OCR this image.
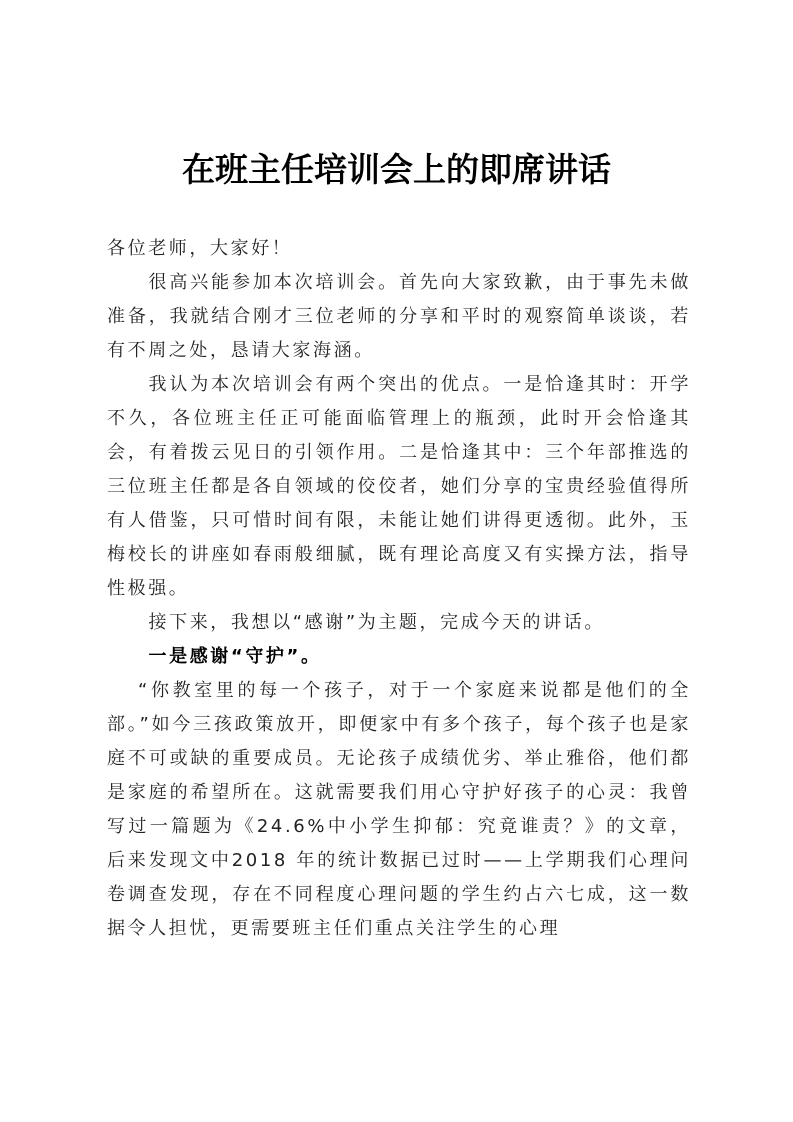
在班主任培训会上的即席讲话

各位老师，大家好！

很高兴能参加本次培训会。首先向大家致歉，由于事先未做准备，我就结合刚才三位老师的分享和平时的观察简单谈谈，若有不周之处，恳请大家海涵。

我认为本次培训会有两个突出的优点。一是恰逢其时：开学不久，各位班主任正可能面临管理上的瓶颈，此时开会恰逢其会，有着拨云见日的引领作用。二是恰逢其中：三个年部推选的三位班主任都是各自领域的佼佼者，她们分享的宝贵经验值得所有人借鉴，只可惜时间有限，未能让她们讲得更透彻。此外，玉梅校长的讲座如春雨般细腻，既有理论高度又有实操方法，指导性极强。

接下来，我想以“感谢”为主题，完成今天的讲话。

一是感谢“守护”。

“你教室里的每一个孩子，对于一个家庭来说都是他们的全部。”如今三孩政策放开，即便家中有多个孩子，每个孩子也是家庭不可或缺的重要成员。无论孩子成绩优劣、举止雅俗，他们都是家庭的希望所在。这就需要我们用心守护好孩子的心灵：我曾写过一篇题为《24.6%中小学生抑郁：究竟谁责？》的文章，后来发现文中2018 年的统计数据已过时——上学期我们心理问卷调查发现，存在不同程度心理问题的学生约占六七成，这一数据令人担忧，更需要班主任们重点关注学生的心理
